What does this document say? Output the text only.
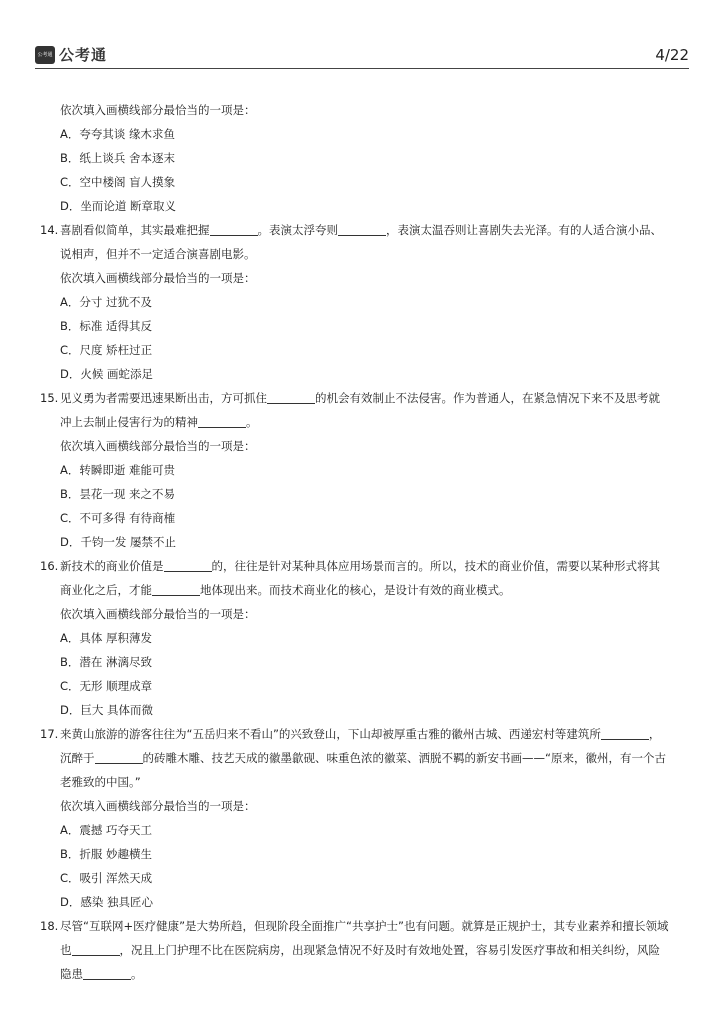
公考通 公考通	4/22
依次填入画横线部分最恰当的一项是：
A．夸夸其谈 缘木求鱼
B．纸上谈兵 舍本逐末
C．空中楼阁 盲人摸象
D．坐而论道 断章取义
14. 喜剧看似简单，其实最难把握	。表演太浮夸则	，表演太温吞则让喜剧失去光泽。有的人适合演小品、
说相声，但并不一定适合演喜剧电影。
依次填入画横线部分最恰当的一项是：
A．分寸 过犹不及
B．标准 适得其反
C．尺度 矫枉过正
D．火候 画蛇添足
15. 见义勇为者需要迅速果断出击，方可抓住	的机会有效制止不法侵害。作为普通人，在紧急情况下来不及思考就
冲上去制止侵害行为的精神	。
依次填入画横线部分最恰当的一项是：
A．转瞬即逝 难能可贵
B．昙花一现 来之不易
C．不可多得 有待商榷
D．千钧一发 屡禁不止
16. 新技术的商业价值是	的，往往是针对某种具体应用场景而言的。所以，技术的商业价值，需要以某种形式将其
商业化之后，才能	地体现出来。而技术商业化的核心，是设计有效的商业模式。
依次填入画横线部分最恰当的一项是：
A．具体 厚积薄发
B．潜在 淋漓尽致
C．无形 顺理成章
D．巨大 具体而微
17. 来黄山旅游的游客往往为“五岳归来不看山”的兴致登山，下山却被厚重古雅的徽州古城、西递宏村等建筑所	，
沉醉于	的砖雕木雕、技艺天成的徽墨歙砚、味重色浓的徽菜、洒脱不羁的新安书画——“原来，徽州，有一个古
老雅致的中国。”
依次填入画横线部分最恰当的一项是：
A．震撼 巧夺天工
B．折服 妙趣横生
C．吸引 浑然天成
D．感染 独具匠心
18. 尽管“互联网+医疗健康”是大势所趋，但现阶段全面推广“共享护士”也有问题。就算是正规护士，其专业素养和擅长领域
也	，况且上门护理不比在医院病房，出现紧急情况不好及时有效地处置，容易引发医疗事故和相关纠纷，风险
隐患	。
